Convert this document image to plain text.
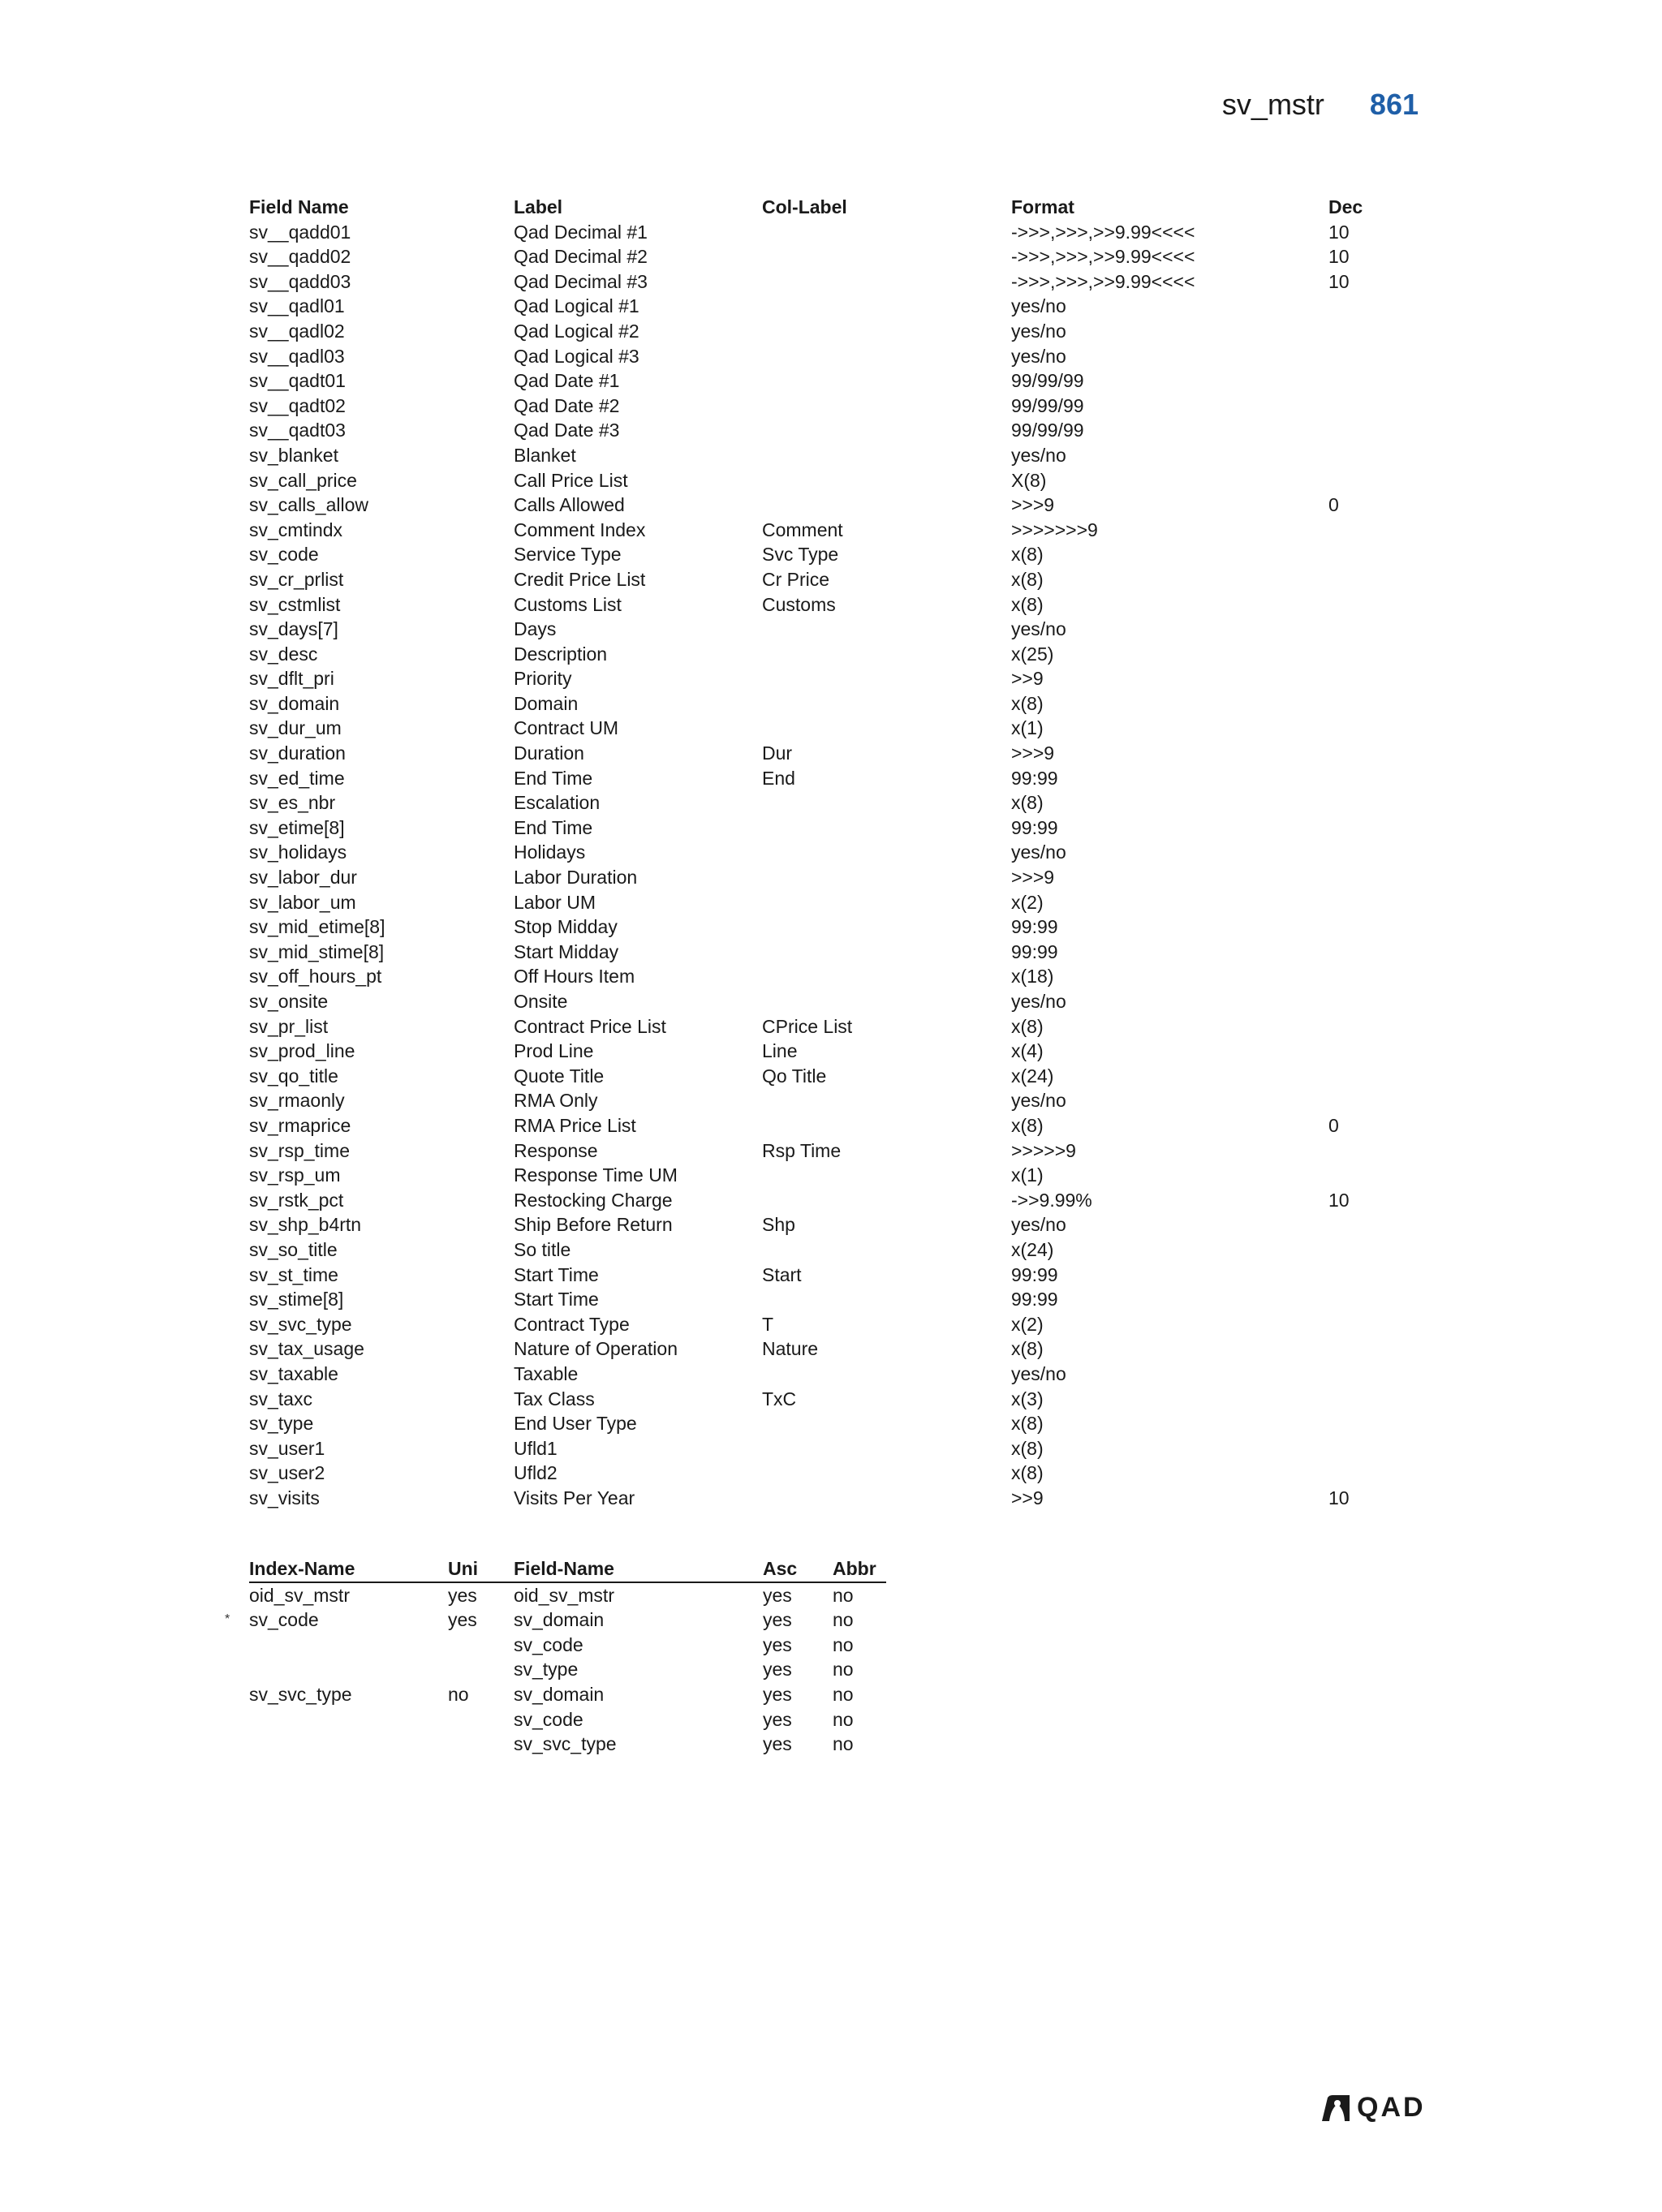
sv_mstr 861
Field Name	Label	Col-Label	Format	Dec
sv__qadd01	Qad Decimal #1		->>>,>>>,>>9.99<<<<	10
sv__qadd02	Qad Decimal #2		->>>,>>>,>>9.99<<<<	10
sv__qadd03	Qad Decimal #3		->>>,>>>,>>9.99<<<<	10
sv__qadl01	Qad Logical #1		yes/no	
sv__qadl02	Qad Logical #2		yes/no	
sv__qadl03	Qad Logical #3		yes/no	
sv__qadt01	Qad Date #1		99/99/99	
sv__qadt02	Qad Date #2		99/99/99	
sv__qadt03	Qad Date #3		99/99/99	
sv_blanket	Blanket		yes/no	
sv_call_price	Call Price List		X(8)	
sv_calls_allow	Calls Allowed		>>>9	0
sv_cmtindx	Comment Index	Comment	>>>>>>>9	
sv_code	Service Type	Svc Type	x(8)	
sv_cr_prlist	Credit Price List	Cr Price	x(8)	
sv_cstmlist	Customs List	Customs	x(8)	
sv_days[7]	Days		yes/no	
sv_desc	Description		x(25)	
sv_dflt_pri	Priority		>>9	
sv_domain	Domain		x(8)	
sv_dur_um	Contract UM		x(1)	
sv_duration	Duration	Dur	>>>9	
sv_ed_time	End Time	End	99:99	
sv_es_nbr	Escalation		x(8)	
sv_etime[8]	End Time		99:99	
sv_holidays	Holidays		yes/no	
sv_labor_dur	Labor Duration		>>>9	
sv_labor_um	Labor UM		x(2)	
sv_mid_etime[8]	Stop Midday		99:99	
sv_mid_stime[8]	Start Midday		99:99	
sv_off_hours_pt	Off Hours Item		x(18)	
sv_onsite	Onsite		yes/no	
sv_pr_list	Contract Price List	CPrice List	x(8)	
sv_prod_line	Prod Line	Line	x(4)	
sv_qo_title	Quote Title	Qo Title	x(24)	
sv_rmaonly	RMA Only		yes/no	
sv_rmaprice	RMA Price List		x(8)	0
sv_rsp_time	Response	Rsp Time	>>>>>9	
sv_rsp_um	Response Time UM		x(1)	
sv_rstk_pct	Restocking Charge		->>9.99%	10
sv_shp_b4rtn	Ship Before Return	Shp	yes/no	
sv_so_title	So title		x(24)	
sv_st_time	Start Time	Start	99:99	
sv_stime[8]	Start Time		99:99	
sv_svc_type	Contract Type	T	x(2)	
sv_tax_usage	Nature of Operation	Nature	x(8)	
sv_taxable	Taxable		yes/no	
sv_taxc	Tax Class	TxC	x(3)	
sv_type	End User Type		x(8)	
sv_user1	Ufld1		x(8)	
sv_user2	Ufld2		x(8)	
sv_visits	Visits Per Year		>>9	10
	Index-Name	Uni	Field-Name	Asc	Abbr
	oid_sv_mstr	yes	oid_sv_mstr	yes	no
*	sv_code	yes	sv_domain	yes	no
			sv_code	yes	no
			sv_type	yes	no
	sv_svc_type	no	sv_domain	yes	no
			sv_code	yes	no
			sv_svc_type	yes	no
QAD
